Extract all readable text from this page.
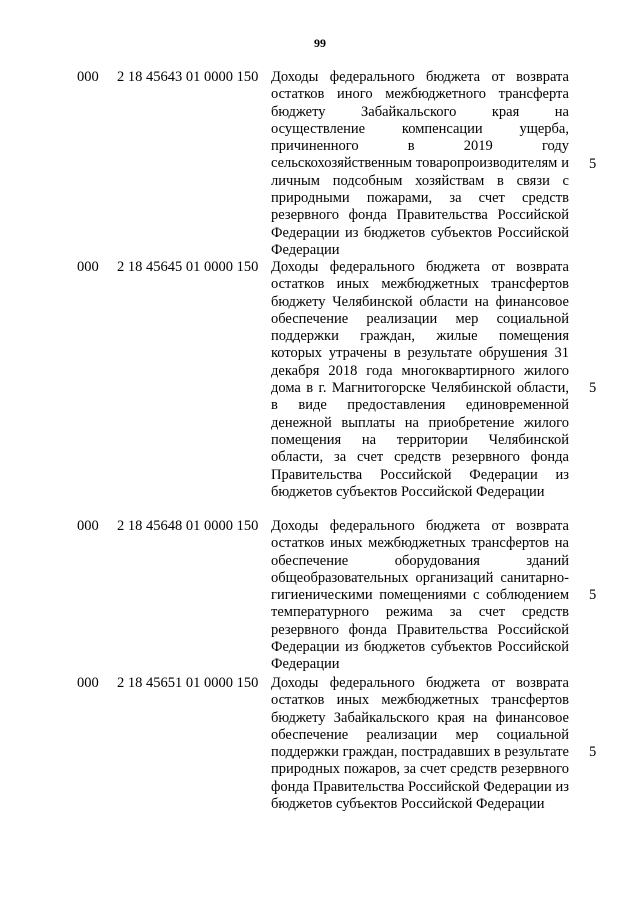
99
000 2 18 45643 01 0000 150 Доходы федерального бюджета от возврата остатков иного межбюджетного трансферта бюджету Забайкальского края на осуществление компенсации ущерба, причиненного в 2019 году сельскохозяйственным товаропроизводителям и личным подсобным хозяйствам в связи с природными пожарами, за счет средств резервного фонда Правительства Российской Федерации из бюджетов субъектов Российской Федерации
5
000 2 18 45645 01 0000 150 Доходы федерального бюджета от возврата остатков иных межбюджетных трансфертов бюджету Челябинской области на финансовое обеспечение реализации мер социальной поддержки граждан, жилые помещения которых утрачены в результате обрушения 31 декабря 2018 года многоквартирного жилого дома в г. Магнитогорске Челябинской области, в виде предоставления единовременной денежной выплаты на приобретение жилого помещения на территории Челябинской области, за счет средств резервного фонда Правительства Российской Федерации из бюджетов субъектов Российской Федерации
5
000 2 18 45648 01 0000 150 Доходы федерального бюджета от возврата остатков иных межбюджетных трансфертов на обеспечение оборудования зданий общеобразовательных организаций санитарно-гигиеническими помещениями с соблюдением температурного режима за счет средств резервного фонда Правительства Российской Федерации из бюджетов субъектов Российской Федерации
5
000 2 18 45651 01 0000 150 Доходы федерального бюджета от возврата остатков иных межбюджетных трансфертов бюджету Забайкальского края на финансовое обеспечение реализации мер социальной поддержки граждан, пострадавших в результате природных пожаров, за счет средств резервного фонда Правительства Российской Федерации из бюджетов субъектов Российской Федерации
5
